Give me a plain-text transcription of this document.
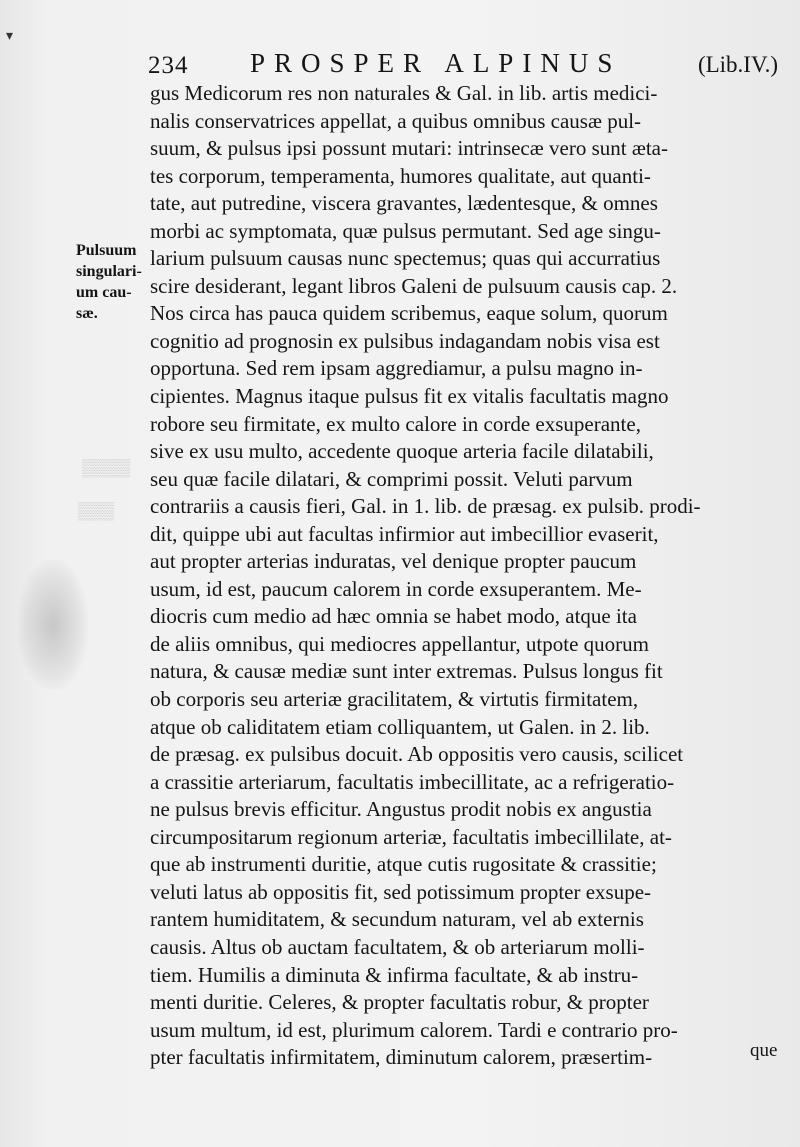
▾
▒▒▒▒
▒▒▒
234 PROSPER ALPINUS	(Lib.IV.)
Pulsuum
singulari-
um cau-
sæ.
gus Medicorum res non naturales & Gal. in lib. artis medici-
nalis conservatrices appellat, a quibus omnibus causæ pul-
suum, & pulsus ipsi possunt mutari: intrinsecæ vero sunt æta-
tes corporum, temperamenta, humores qualitate, aut quanti-
tate, aut putredine, viscera gravantes, lædentesque, & omnes
morbi ac symptomata, quæ pulsus permutant. Sed age singu-
larium pulsuum causas nunc spectemus; quas qui accurratius
scire desiderant, legant libros Galeni de pulsuum causis cap. 2.
Nos circa has pauca quidem scribemus, eaque solum, quorum
cognitio ad prognosin ex pulsibus indagandam nobis visa est
opportuna. Sed rem ipsam aggrediamur, a pulsu magno in-
cipientes. Magnus itaque pulsus fit ex vitalis facultatis magno
robore seu firmitate, ex multo calore in corde exsuperante,
sive ex usu multo, accedente quoque arteria facile dilatabili,
seu quæ facile dilatari, & comprimi possit. Veluti parvum
contrariis a causis fieri, Gal. in 1. lib. de præsag. ex pulsib. prodi-
dit, quippe ubi aut facultas infirmior aut imbecillior evaserit,
aut propter arterias induratas, vel denique propter paucum
usum, id est, paucum calorem in corde exsuperantem. Me-
diocris cum medio ad hæc omnia se habet modo, atque ita
de aliis omnibus, qui mediocres appellantur, utpote quorum
natura, & causæ mediæ sunt inter extremas. Pulsus longus fit
ob corporis seu arteriæ gracilitatem, & virtutis firmitatem,
atque ob caliditatem etiam colliquantem, ut Galen. in 2. lib.
de præsag. ex pulsibus docuit. Ab oppositis vero causis, scilicet
a crassitie arteriarum, facultatis imbecillitate, ac a refrigeratio-
ne pulsus brevis efficitur. Angustus prodit nobis ex angustia
circumpositarum regionum arteriæ, facultatis imbecillilate, at-
que ab instrumenti duritie, atque cutis rugositate & crassitie;
veluti latus ab oppositis fit, sed potissimum propter exsupe-
rantem humiditatem, & secundum naturam, vel ab externis
causis. Altus ob auctam facultatem, & ob arteriarum molli-
tiem. Humilis a diminuta & infirma facultate, & ab instru-
menti duritie. Celeres, & propter facultatis robur, & propter
usum multum, id est, plurimum calorem. Tardi e contrario pro-
pter facultatis infirmitatem, diminutum calorem, præsertim-	que
